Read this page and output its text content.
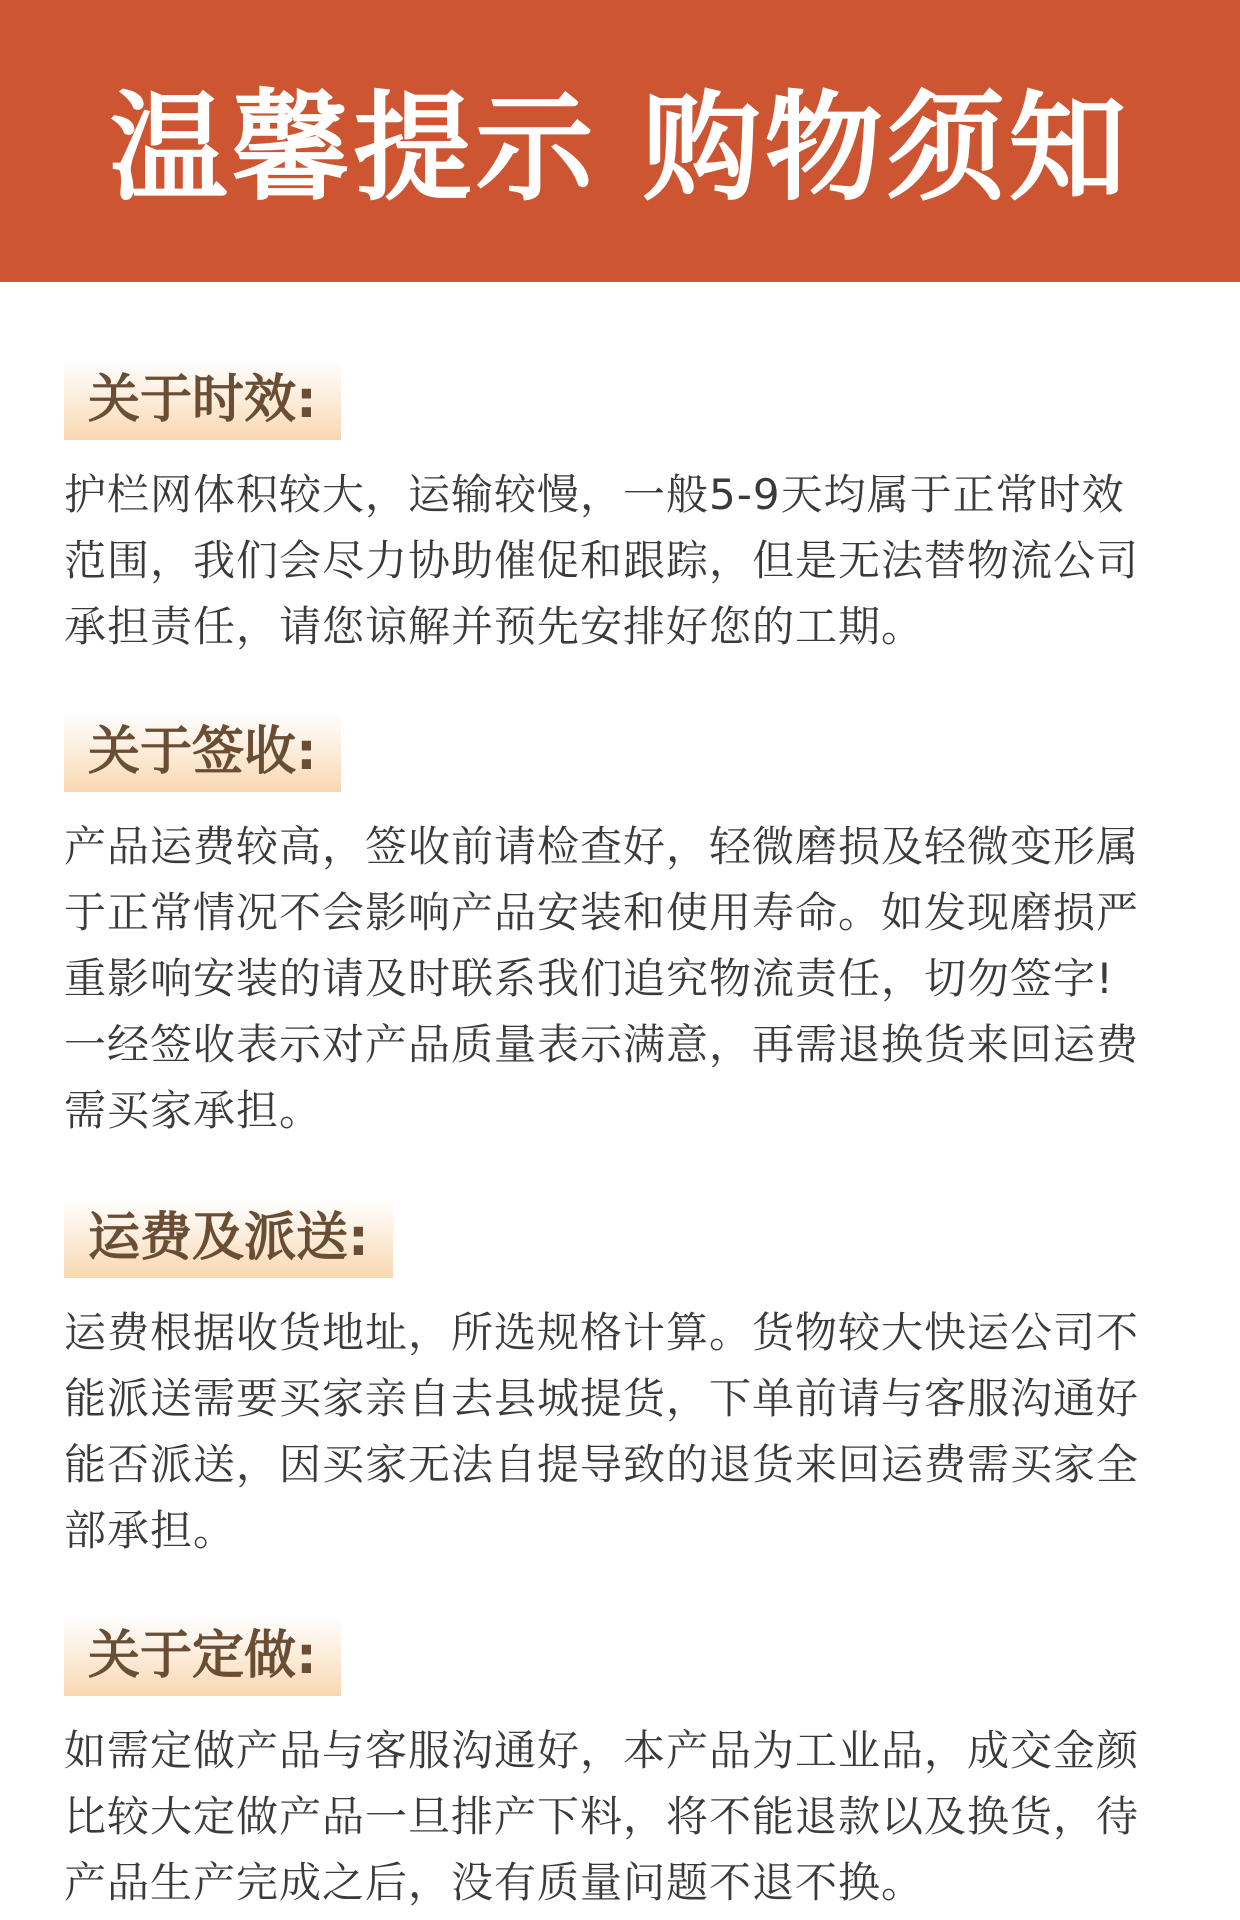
温馨提示 购物须知
关于时效:
护栏网体积较大，运输较慢，一般5-9天均属于正常时效
范围，我们会尽力协助催促和跟踪，但是无法替物流公司
承担责任，请您谅解并预先安排好您的工期。
关于签收:
产品运费较高，签收前请检查好，轻微磨损及轻微变形属
于正常情况不会影响产品安装和使用寿命。如发现磨损严
重影响安装的请及时联系我们追究物流责任，切勿签字!
一经签收表示对产品质量表示满意，再需退换货来回运费
需买家承担。
运费及派送:
运费根据收货地址，所选规格计算。货物较大快运公司不
能派送需要买家亲自去县城提货，下单前请与客服沟通好
能否派送，因买家无法自提导致的退货来回运费需买家全
部承担。
关于定做:
如需定做产品与客服沟通好，本产品为工业品，成交金颜
比较大定做产品一旦排产下料，将不能退款以及换货，待
产品生产完成之后，没有质量问题不退不换。
